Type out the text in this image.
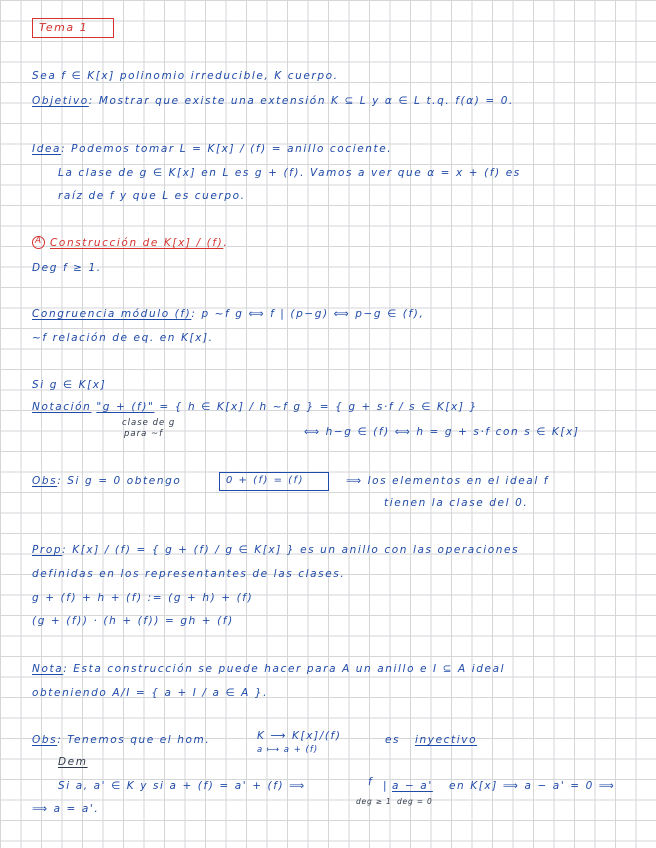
Tema 1

Sea f ∈ K[x] polinomio irreducible, K cuerpo.

Objetivo: Mostrar que existe una extensión K ⊆ L y α ∈ L t.q. f(α) = 0.

Idea: Podemos tomar L = K[x] / (f) = anillo cociente.

La clase de g ∈ K[x] en L es g + (f). Vamos a ver que α = x + (f) es

raíz de f y que L es cuerpo.

A Construcción de K[x] / (f).

Deg f ≥ 1.

Congruencia módulo (f): p ~f g ⟺ f | (p−g) ⟺ p−g ∈ (f),

~f relación de eq. en K[x].

Si g ∈ K[x]

Notación "g + (f)" = { h ∈ K[x] / h ~f g } = { g + s·f / s ∈ K[x] }

clase de g

para ~f	⟺ h−g ∈ (f) ⟺ h = g + s·f con s ∈ K[x]

Obs: Si g = 0 obtengo	0 + (f) = (f)	⟹ los elementos en el ideal f

tienen la clase del 0.

Prop: K[x] / (f) = { g + (f) / g ∈ K[x] } es un anillo con las operaciones

definidas en los representantes de las clases.

g + (f) + h + (f) := (g + h) + (f)

(g + (f)) · (h + (f)) = gh + (f)

Nota: Esta construcción se puede hacer para A un anillo e I ⊆ A ideal

obteniendo A/I = { a + I / a ∈ A }.

Obs: Tenemos que el hom.	K ⟶ K[x]/(f)

a ⟼ a + (f)

es inyectivo

Dem

Si a, a' ∈ K y si a + (f) = a' + (f) ⟹	f | a − a'

deg ≥ 1 deg = 0

en K[x] ⟹ a − a' = 0 ⟹

⟹ a = a'.
